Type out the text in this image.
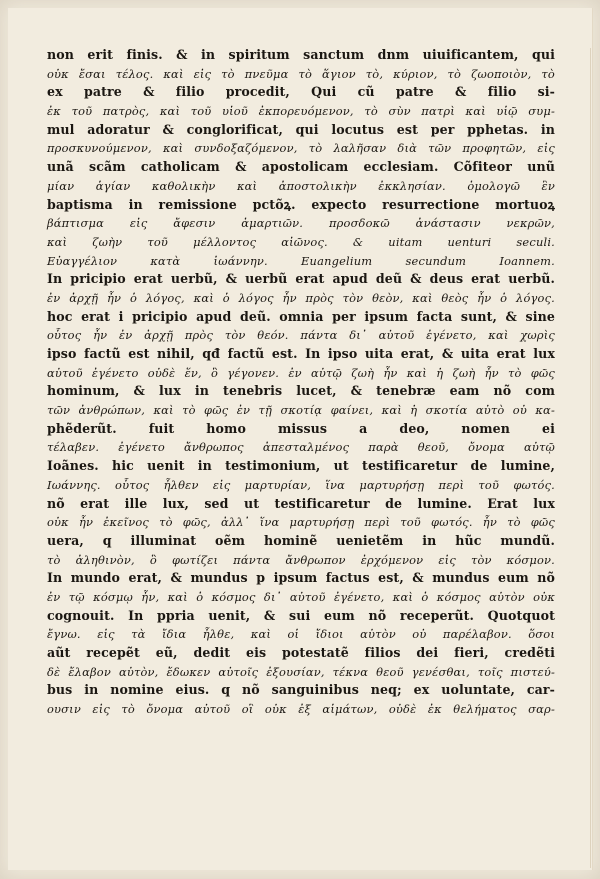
non erit finis. & in spiritum sanctum dnm uiuificantem, qui
οὐκ ἔσαι τέλος. καὶ εἰς τὸ πνεῦμα τὸ ἅγιον τὸ, κύριον, τὸ ζωοποιὸν, τὸ
ex patre & filio procedit, Qui cũ patre & filio si-
ἐκ τοῦ πατρὸς, καὶ τοῦ υἱοῦ ἐκπορευόμενον, τὸ σὺν πατρὶ καὶ υἱῷ συμ-
mul adoratur & conglorificat, qui locutus est per pphetas. in
προσκυνούμενον, καὶ συνδοξαζόμενον, τὸ λαλῆσαν διὰ τῶν προφητῶν, εἰς
unã scãm catholicam & apostolicam ecclesiam. Cõfiteor unũ
μίαν ἁγίαν καθολικὴν καὶ ἀποστολικὴν ἐκκλησίαν. ὁμολογῶ ἓν
baptisma in remissione pctõꝝ. expecto resurrectione mortuoꝝ
βάπτισμα εἰς ἄφεσιν ἁμαρτιῶν. προσδοκῶ ἀνάστασιν νεκρῶν,
καὶ ζωὴν τοῦ μέλλοντος αἰῶνος. & uitam uenturi seculi.
Εὐαγγέλιον κατὰ ἰωάννην. Euangelium secundum Ioannem.
In pricipio erat uerbũ, & uerbũ erat apud deũ & deus erat uerbũ.
ἐν ἀρχῇ ἦν ὁ λόγος, καὶ ὁ λόγος ἦν πρὸς τὸν θεὸν, καὶ θεὸς ἦν ὁ λόγος.
hoc erat i pricipio apud deũ. omnia per ipsum facta sunt, & sine
οὗτος ἦν ἐν ἀρχῇ πρὸς τὸν θεόν. πάντα δι᾽ αὐτοῦ ἐγένετο, καὶ χωρὶς
ipso factũ est nihil, qđ factũ est. In ipso uita erat, & uita erat lux
αὐτοῦ ἐγένετο οὐδὲ ἕν, ὃ γέγονεν. ἐν αὐτῷ ζωὴ ἦν καὶ ἡ ζωὴ ἦν τὸ φῶς
hominum, & lux in tenebris lucet, & tenebræ eam nõ com
τῶν ἀνθρώπων, καὶ τὸ φῶς ἐν τῇ σκοτίᾳ φαίνει, καὶ ἡ σκοτία αὐτὸ οὐ κα-
phẽderũt. fuit homo missus a deo, nomen ei
τέλαβεν. ἐγένετο ἄνθρωπος ἀπεσταλμένος παρὰ θεοῦ, ὄνομα αὐτῷ
Ioãnes. hic uenit in testimonium, ut testificaretur de lumine,
Ιωάννης. οὗτος ἦλθεν εἰς μαρτυρίαν, ἵνα μαρτυρήσῃ περὶ τοῦ φωτός.
nõ erat ille lux, sed ut testificaretur de lumine. Erat lux
οὐκ ἦν ἐκεῖνος τὸ φῶς, ἀλλ᾽ ἵνα μαρτυρήσῃ περὶ τοῦ φωτός. ἦν τὸ φῶς
uera, q illuminat oẽm hominẽ uenietẽm in hũc mundũ.
τὸ ἀληθινὸν, ὃ φωτίζει πάντα ἄνθρωπον ἐρχόμενον εἰς τὸν κόσμον.
In mundo erat, & mundus p ipsum factus est, & mundus eum nõ
ἐν τῷ κόσμῳ ἦν, καὶ ὁ κόσμος δι᾽ αὐτοῦ ἐγένετο, καὶ ὁ κόσμος αὐτὸν οὐκ
cognouit. In ppria uenit, & sui eum nõ receperũt. Quotquot
ἔγνω. εἰς τὰ ἴδια ἦλθε, καὶ οἱ ἴδιοι αὐτὸν οὐ παρέλαβον. ὅσοι
aũt recepẽt eũ, dedit eis potestatẽ filios dei fieri, credẽti
δὲ ἔλαβον αὐτὸν, ἔδωκεν αὐτοῖς ἐξουσίαν, τέκνα θεοῦ γενέσθαι, τοῖς πιστεύ-
bus in nomine eius. q nõ sanguinibus neq; ex uoluntate, car-
ουσιν εἰς τὸ ὄνομα αὐτοῦ οἳ οὐκ ἐξ αἱμάτων, οὐδὲ ἐκ θελήματος σαρ-
